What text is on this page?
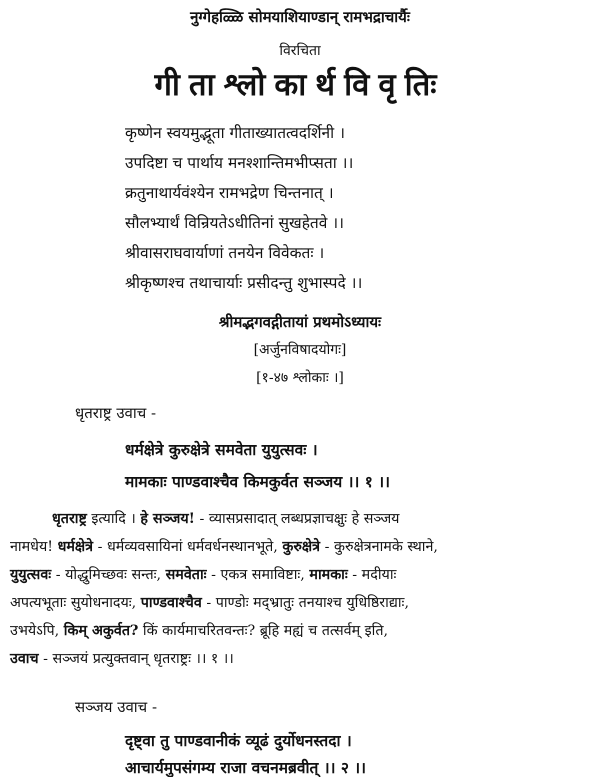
नुग्गेहळ्ळि सोमयाशियाण्डान् रामभद्राचार्यैः
विरचिता
गीताश्लोकार्थविवृतिः
कृष्णेन स्वयमुद्भूता गीताख्यातत्वदर्शिनी ।
उपदिष्टा च पार्थाय मनश्शान्तिमभीप्सता ।।
क्रतुनाथार्यवंश्येन रामभद्रेण चिन्तनात् ।
सौलभ्यार्थं विन्रियतेऽधीतिनां सुखहेतवे ।।
श्रीवासराघवार्याणां तनयेन विवेकतः ।
श्रीकृष्णश्च तथाचार्याः प्रसीदन्तु शुभास्पदे ।।
श्रीमद्भगवद्गीतायां प्रथमोऽध्यायः
[अर्जुनविषादयोगः]
[१-४७ श्लोकाः ।]
धृतराष्ट्र उवाच -
धर्मक्षेत्रे कुरुक्षेत्रे समवेता युयुत्सवः ।
मामकाः पाण्डवाश्चैव किमकुर्वत सञ्जय ।। १ ।।
धृतराष्ट्र इत्यादि । हे सञ्जय! - व्यासप्रसादात् लब्धप्रज्ञाचक्षुः हे सञ्जय
नामधेय! धर्मक्षेत्रे - धर्मव्यवसायिनां धर्मवर्धनस्थानभूते, कुरुक्षेत्रे - कुरुक्षेत्रनामके स्थाने,
युयुत्सवः - योद्धुमिच्छवः सन्तः, समवेताः - एकत्र समाविष्टाः, मामकाः - मदीयाः
अपत्यभूताः सुयोधनादयः, पाण्डवाश्चैव - पाण्डोः मद्भ्रातुः तनयाश्च युधिष्ठिराद्याः,
उभयेऽपि, किम् अकुर्वत? किं कार्यमाचरितवन्तः? ब्रूहि मह्यं च तत्सर्वम् इति,
उवाच - सञ्जयं प्रत्युक्तवान् धृतराष्ट्रः ।। १ ।।
सञ्जय उवाच -
दृष्ट्वा तु पाण्डवानीकं व्यूढं दुर्योधनस्तदा ।
आचार्यमुपसंगम्य राजा वचनमब्रवीत् ।। २ ।।
